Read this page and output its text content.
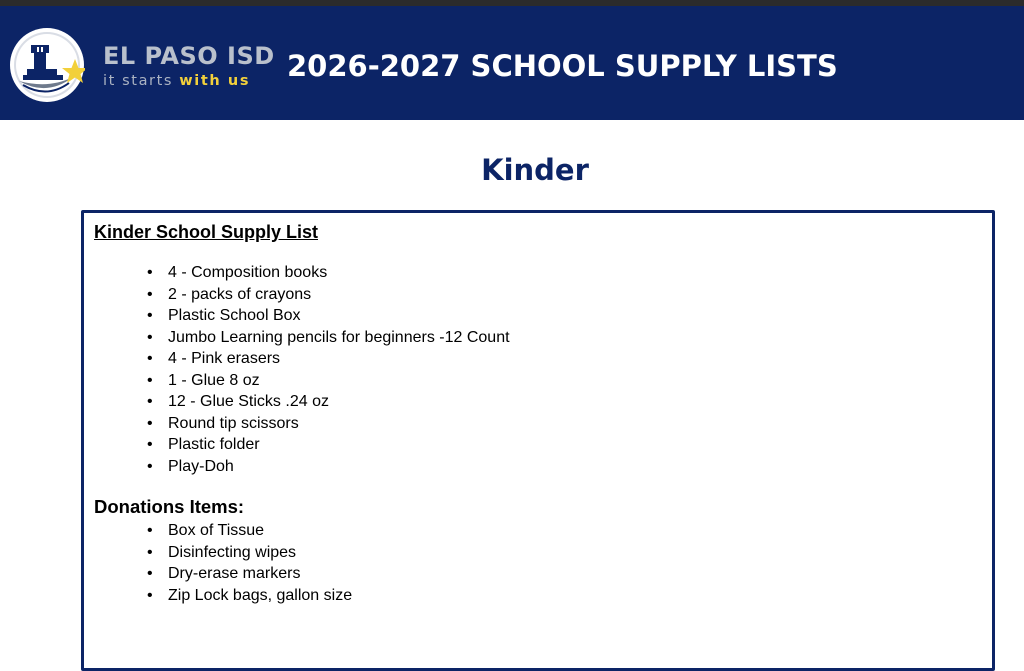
EL PASO ISD
it starts with us	2026-2027 SCHOOL SUPPLY LISTS
Kinder
Kinder School Supply List
• 4 - Composition books
• 2 - packs of crayons
• Plastic School Box
• Jumbo Learning pencils for beginners -12 Count
• 4 - Pink erasers
• 1 - Glue 8 oz
• 12 - Glue Sticks .24 oz
• Round tip scissors
• Plastic folder
• Play-Doh
Donations Items:
• Box of Tissue
• Disinfecting wipes
• Dry-erase markers
• Zip Lock bags, gallon size
